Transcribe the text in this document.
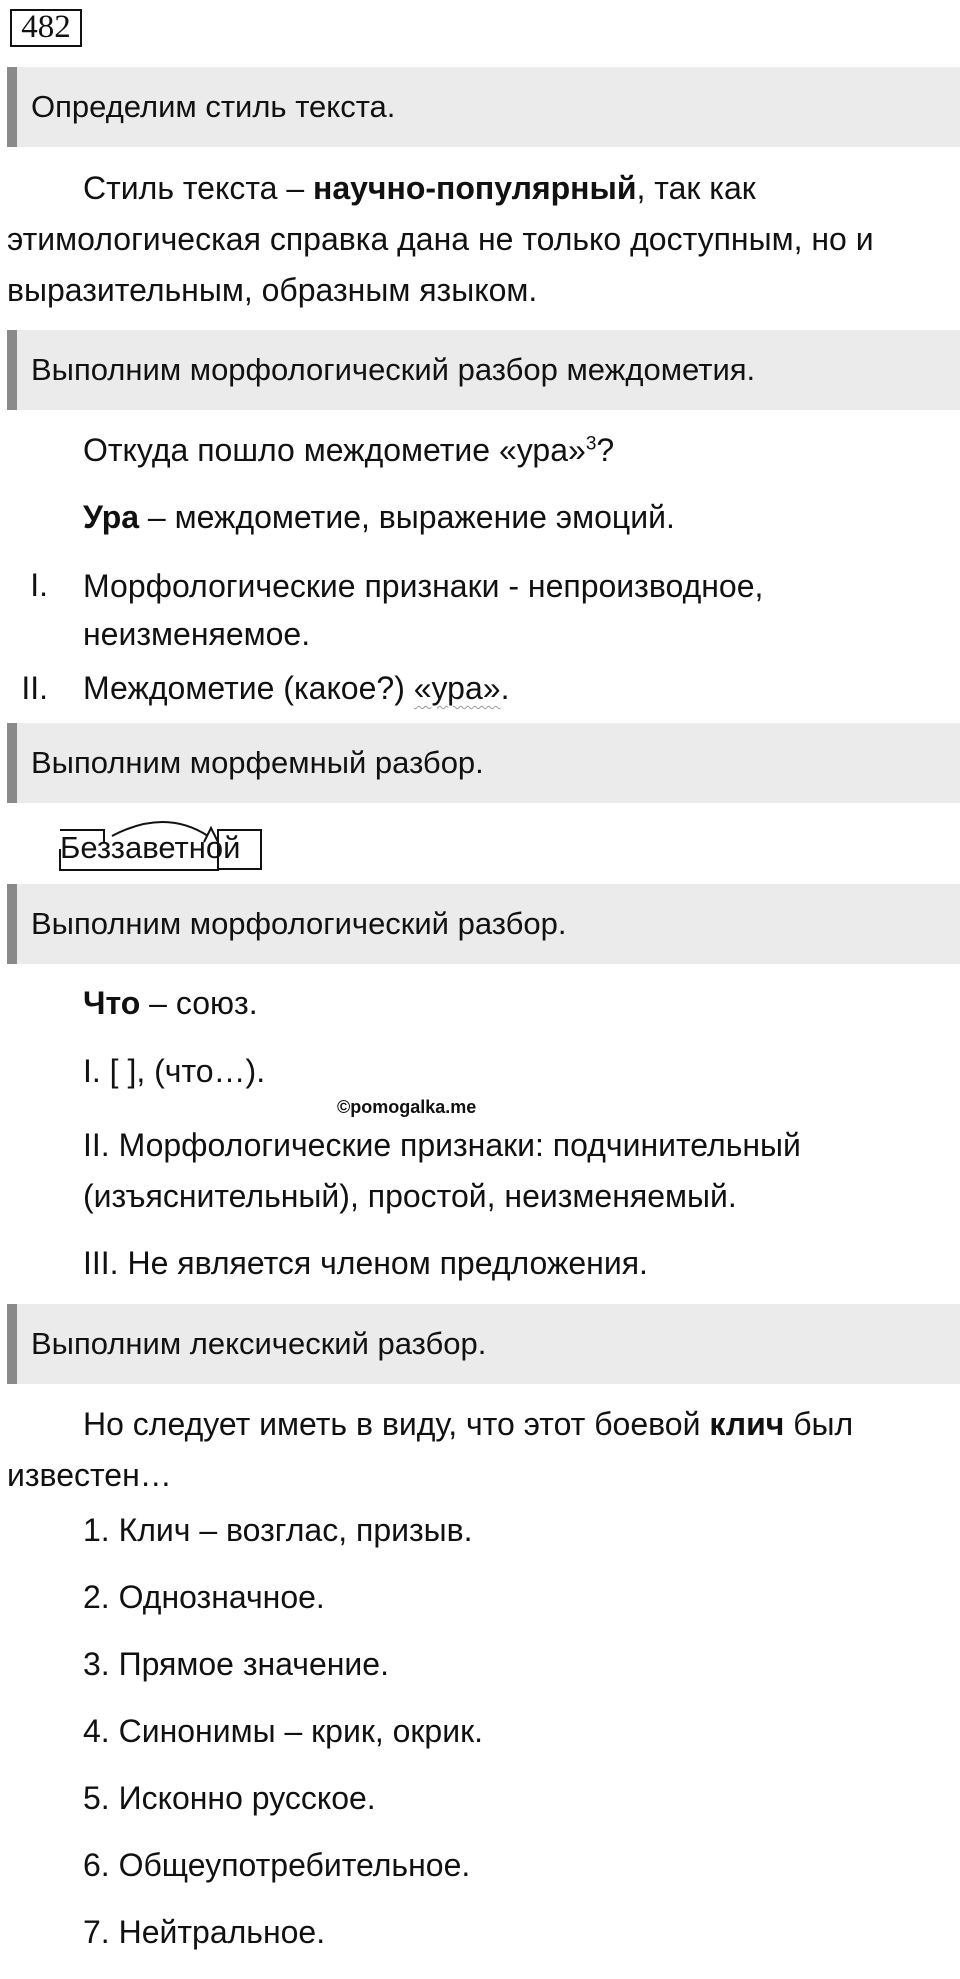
482
Определим стиль текста.
Стиль текста – научно-популярный, так как
этимологическая справка дана не только доступным, но и
выразительным, образным языком.
Выполним морфологический разбор междометия.
Откуда пошло междометие «ура»$^3$?
Ура – междометие, выражение эмоций.
I. Морфологические признаки - непроизводное,
неизменяемое.
II. Междометие (какое?) «ура».
Выполним морфемный разбор.
Беззаветной
Выполним морфологический разбор.
Что – союз.
I. [ ], (что…).
©pomogalka.me
II. Морфологические признаки: подчинительный
(изъяснительный), простой, неизменяемый.
III. Не является членом предложения.
Выполним лексический разбор.
Но следует иметь в виду, что этот боевой клич был
известен…
1. Клич – возглас, призыв.
2. Однозначное.
3. Прямое значение.
4. Синонимы – крик, окрик.
5. Исконно русское.
6. Общеупотребительное.
7. Нейтральное.
